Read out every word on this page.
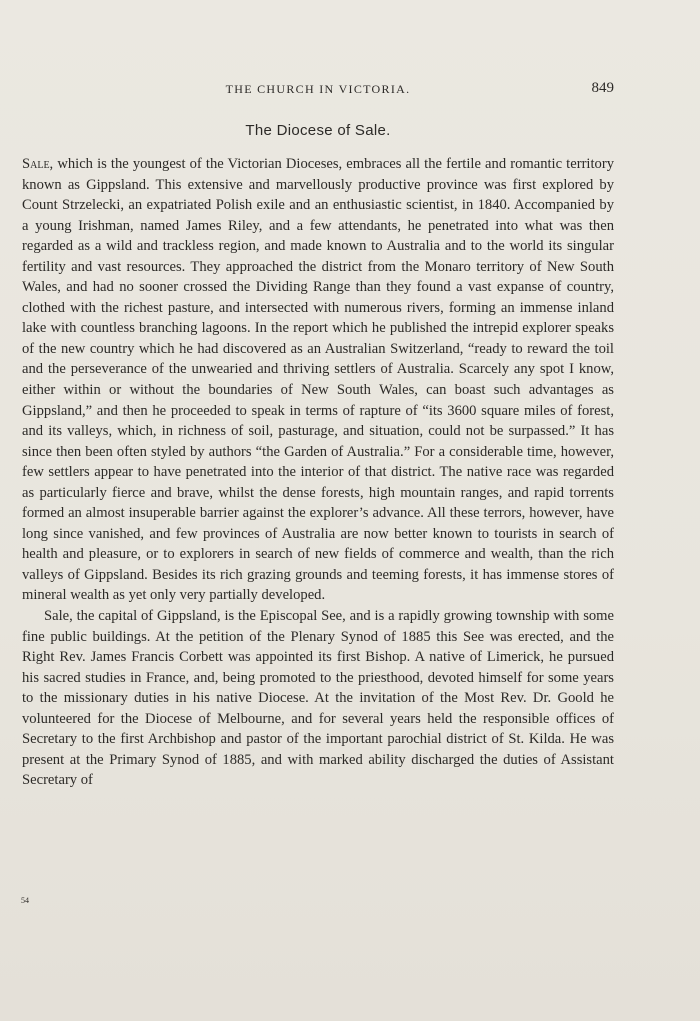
THE CHURCH IN VICTORIA.	849
The Diocese of Sale.

Sale, which is the youngest of the Victorian Dioceses, embraces all the fertile and romantic territory known as Gippsland. This extensive and marvellously productive province was first explored by Count Strzelecki, an expatriated Polish exile and an enthusiastic scientist, in 1840. Accompanied by a young Irishman, named James Riley, and a few attendants, he penetrated into what was then regarded as a wild and trackless region, and made known to Australia and to the world its singular fertility and vast resources. They approached the district from the Monaro territory of New South Wales, and had no sooner crossed the Dividing Range than they found a vast expanse of country, clothed with the richest pasture, and intersected with numerous rivers, forming an immense inland lake with countless branching lagoons. In the report which he published the intrepid explorer speaks of the new country which he had discovered as an Australian Switzerland, “ready to reward the toil and the perseverance of the unwearied and thriving settlers of Australia. Scarcely any spot I know, either within or without the boundaries of New South Wales, can boast such advantages as Gippsland,” and then he proceeded to speak in terms of rapture of “its 3600 square miles of forest, and its valleys, which, in richness of soil, pasturage, and situation, could not be surpassed.” It has since then been often styled by authors “the Garden of Australia.” For a considerable time, however, few settlers appear to have penetrated into the interior of that district. The native race was regarded as particularly fierce and brave, whilst the dense forests, high mountain ranges, and rapid torrents formed an almost insuperable barrier against the explorer’s advance. All these terrors, however, have long since vanished, and few provinces of Australia are now better known to tourists in search of health and pleasure, or to explorers in search of new fields of commerce and wealth, than the rich valleys of Gippsland. Besides its rich grazing grounds and teeming forests, it has immense stores of mineral wealth as yet only very partially developed.

Sale, the capital of Gippsland, is the Episcopal See, and is a rapidly growing township with some fine public buildings. At the petition of the Plenary Synod of 1885 this See was erected, and the Right Rev. James Francis Corbett was appointed its first Bishop. A native of Limerick, he pursued his sacred studies in France, and, being promoted to the priesthood, devoted himself for some years to the missionary duties in his native Diocese. At the invitation of the Most Rev. Dr. Goold he volunteered for the Diocese of Melbourne, and for several years held the responsible offices of Secretary to the first Archbishop and pastor of the important parochial district of St. Kilda. He was present at the Primary Synod of 1885, and with marked ability discharged the duties of Assistant Secretary of

54
